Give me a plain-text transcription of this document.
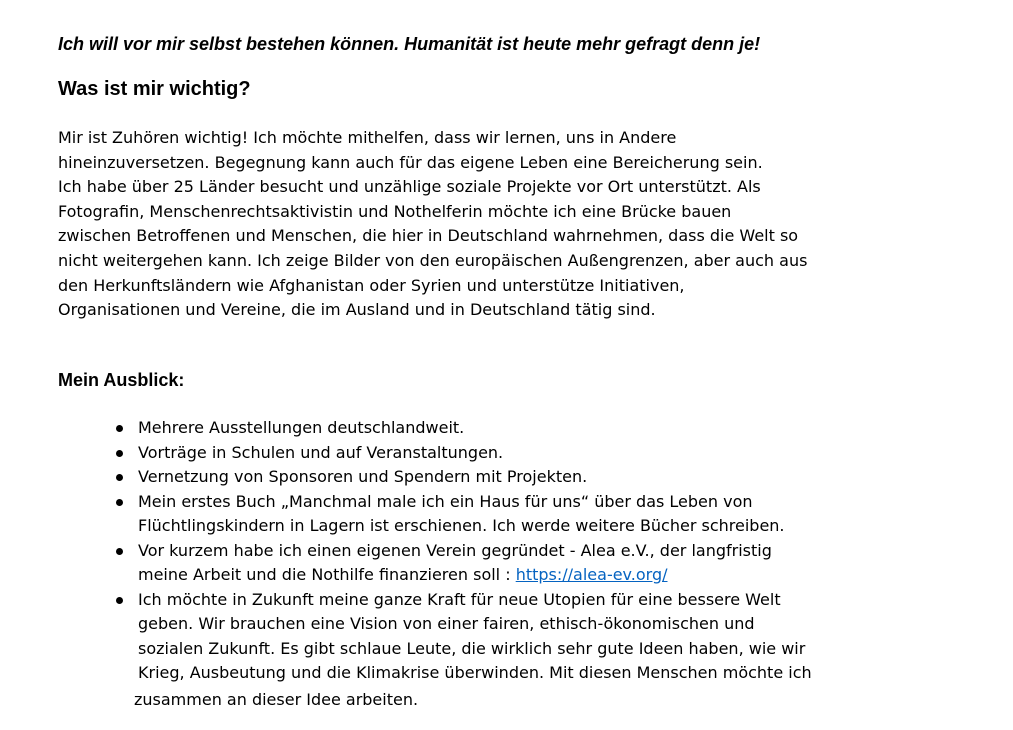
Ich will vor mir selbst bestehen können. Humanität ist heute mehr gefragt denn je!
Was ist mir wichtig?
Mir ist Zuhören wichtig! Ich möchte mithelfen, dass wir lernen, uns in Andere
hineinzuversetzen. Begegnung kann auch für das eigene Leben eine Bereicherung sein.
Ich habe über 25 Länder besucht und unzählige soziale Projekte vor Ort unterstützt. Als
Fotografin, Menschenrechtsaktivistin und Nothelferin möchte ich eine Brücke bauen
zwischen Betroffenen und Menschen, die hier in Deutschland wahrnehmen, dass die Welt so
nicht weitergehen kann. Ich zeige Bilder von den europäischen Außengrenzen, aber auch aus
den Herkunftsländern wie Afghanistan oder Syrien und unterstütze Initiativen,
Organisationen und Vereine, die im Ausland und in Deutschland tätig sind.
Mein Ausblick:
Mehrere Ausstellungen deutschlandweit.
Vorträge in Schulen und auf Veranstaltungen.
Vernetzung von Sponsoren und Spendern mit Projekten.
Mein erstes Buch „Manchmal male ich ein Haus für uns“ über das Leben von
Flüchtlingskindern in Lagern ist erschienen. Ich werde weitere Bücher schreiben.
Vor kurzem habe ich einen eigenen Verein gegründet - Alea e.V., der langfristig
meine Arbeit und die Nothilfe finanzieren soll : https://alea-ev.org/
Ich möchte in Zukunft meine ganze Kraft für neue Utopien für eine bessere Welt
geben. Wir brauchen eine Vision von einer fairen, ethisch-ökonomischen und
sozialen Zukunft. Es gibt schlaue Leute, die wirklich sehr gute Ideen haben, wie wir
Krieg, Ausbeutung und die Klimakrise überwinden. Mit diesen Menschen möchte ich
zusammen an dieser Idee arbeiten.
